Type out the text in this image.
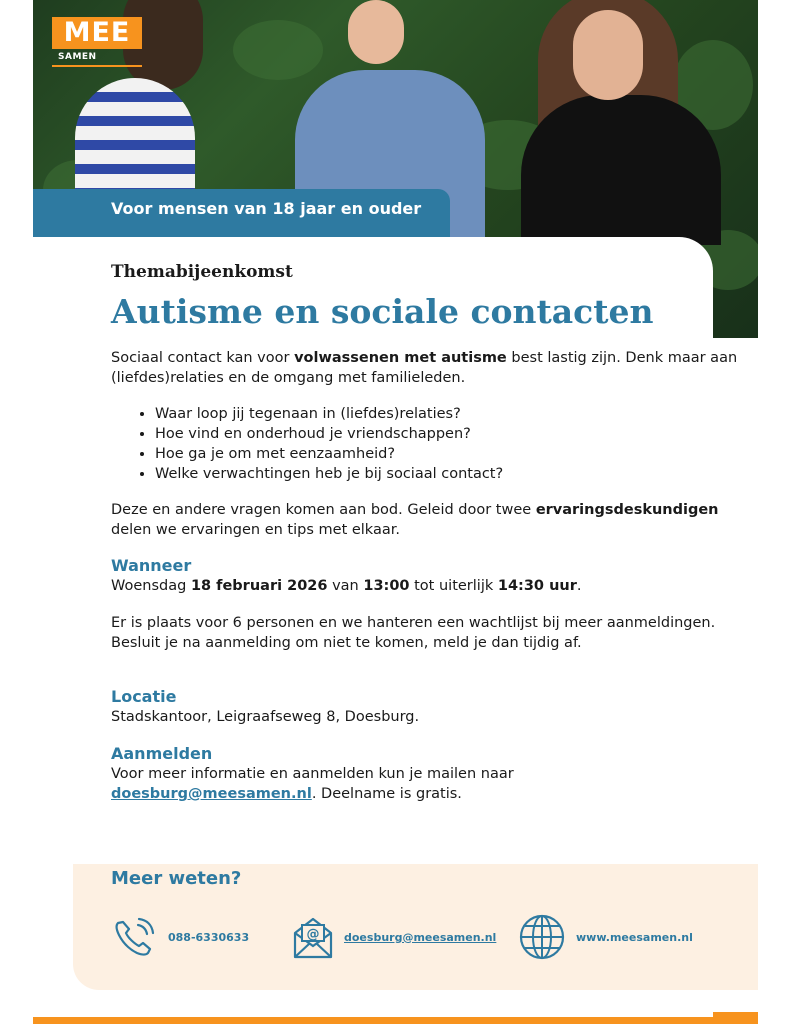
MEE
SAMEN
Voor mensen van 18 jaar en ouder

Themabijeenkomst

Autisme en sociale contacten

Sociaal contact kan voor volwassenen met autisme best lastig zijn. Denk maar aan (liefdes)relaties en de omgang met familieleden.

• Waar loop jij tegenaan in (liefdes)relaties?
• Hoe vind en onderhoud je vriendschappen?
• Hoe ga je om met eenzaamheid?
• Welke verwachtingen heb je bij sociaal contact?

Deze en andere vragen komen aan bod. Geleid door twee ervaringsdeskundigen delen we ervaringen en tips met elkaar.

Wanneer

Woensdag 18 februari 2026 van 13:00 tot uiterlijk 14:30 uur.

Er is plaats voor 6 personen en we hanteren een wachtlijst bij meer aanmeldingen. Besluit je na aanmelding om niet te komen, meld je dan tijdig af.

Locatie

Stadskantoor, Leigraafseweg 8, Doesburg.

Aanmelden

Voor meer informatie en aanmelden kun je mailen naar
doesburg@meesamen.nl. Deelname is gratis.

Meer weten?
088-6330633	@ doesburg@meesamen.nl	www.meesamen.nl
